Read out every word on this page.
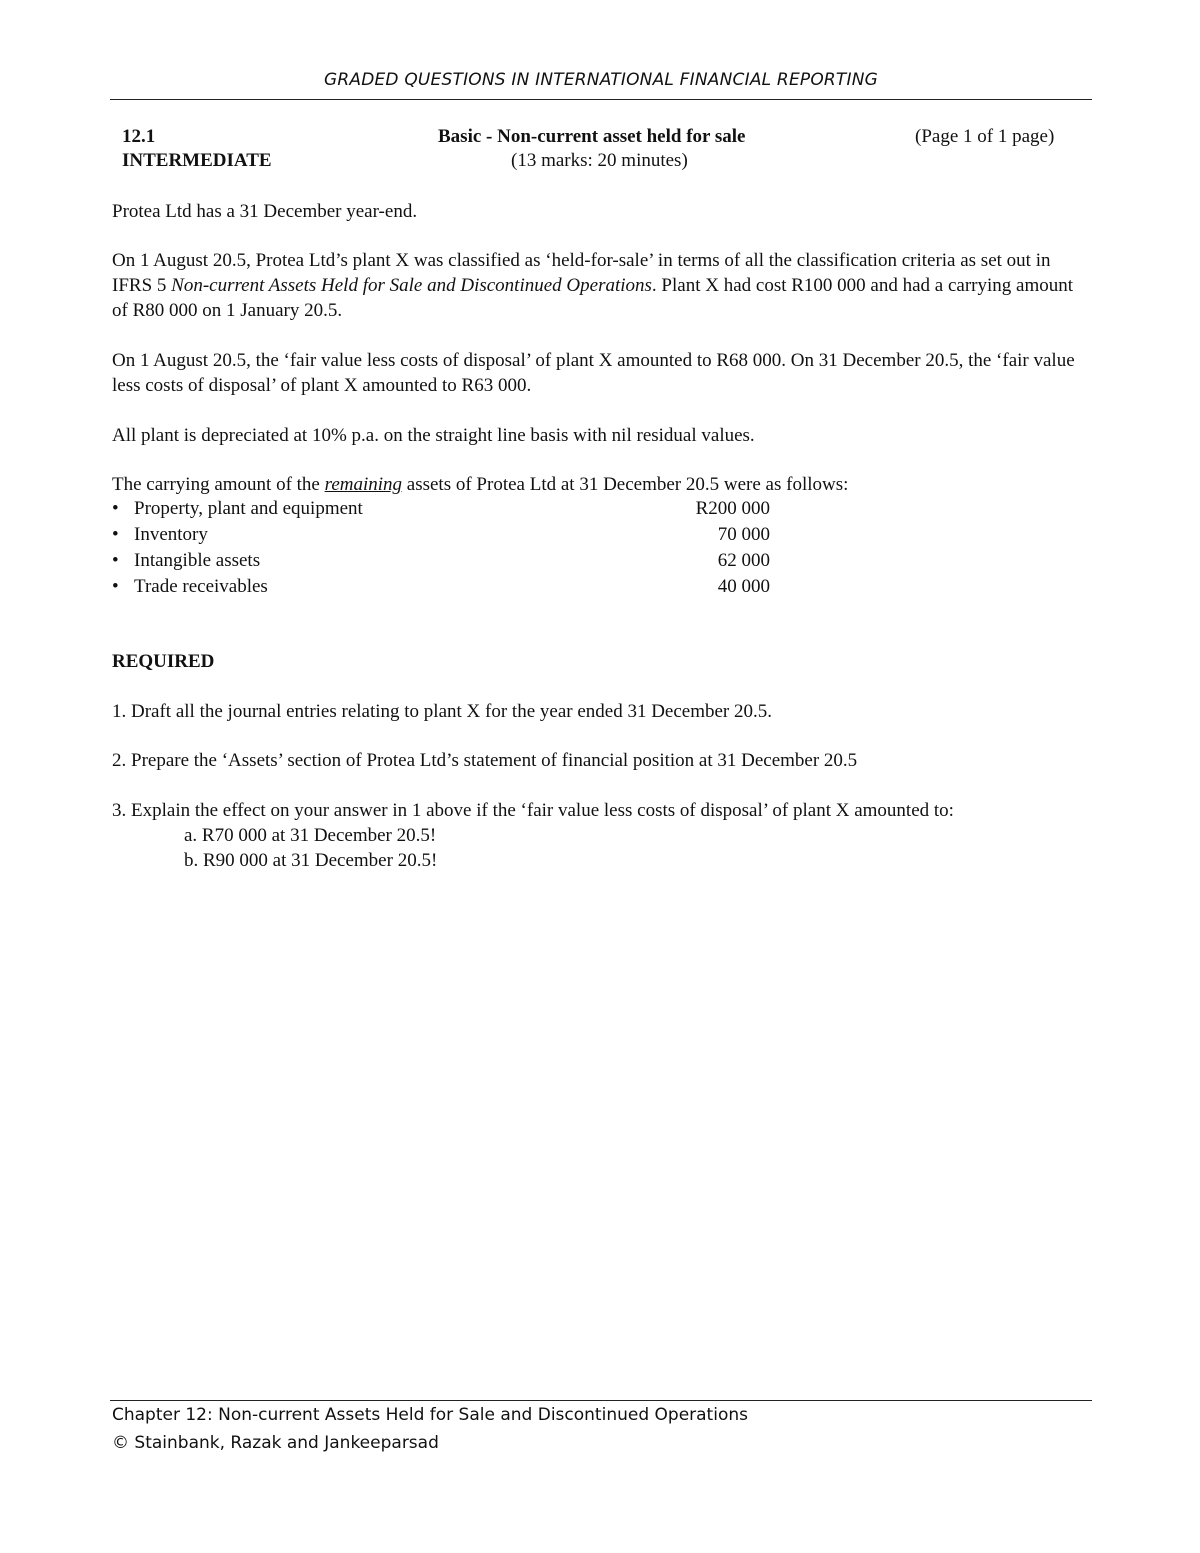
GRADED QUESTIONS IN INTERNATIONAL FINANCIAL REPORTING
12.1
INTERMEDIATE
Basic - Non-current asset held for sale
(13 marks: 20 minutes)
(Page 1 of 1 page)

Protea Ltd has a 31 December year-end.

On 1 August 20.5, Protea Ltd’s plant X was classified as ‘held-for-sale’ in terms of all the classification criteria as set out in IFRS 5 Non-current Assets Held for Sale and Discontinued Operations. Plant X had cost R100 000 and had a carrying amount of R80 000 on 1 January 20.5.

On 1 August 20.5, the ‘fair value less costs of disposal’ of plant X amounted to R68 000. On 31 December 20.5, the ‘fair value less costs of disposal’ of plant X amounted to R63 000.

All plant is depreciated at 10% p.a. on the straight line basis with nil residual values.

The carrying amount of the remaining assets of Protea Ltd at 31 December 20.5 were as follows:

• Property, plant and equipment	R200 000
• Inventory	70 000
• Intangible assets	62 000
• Trade receivables	40 000
REQUIRED
1. Draft all the journal entries relating to plant X for the year ended 31 December 20.5.
2. Prepare the ‘Assets’ section of Protea Ltd’s statement of financial position at 31 December 20.5
3. Explain the effect on your answer in 1 above if the ‘fair value less costs of disposal’ of plant X amounted to:
a. R70 000 at 31 December 20.5!
b. R90 000 at 31 December 20.5!
Chapter 12: Non-current Assets Held for Sale and Discontinued Operations
© Stainbank, Razak and Jankeeparsad
